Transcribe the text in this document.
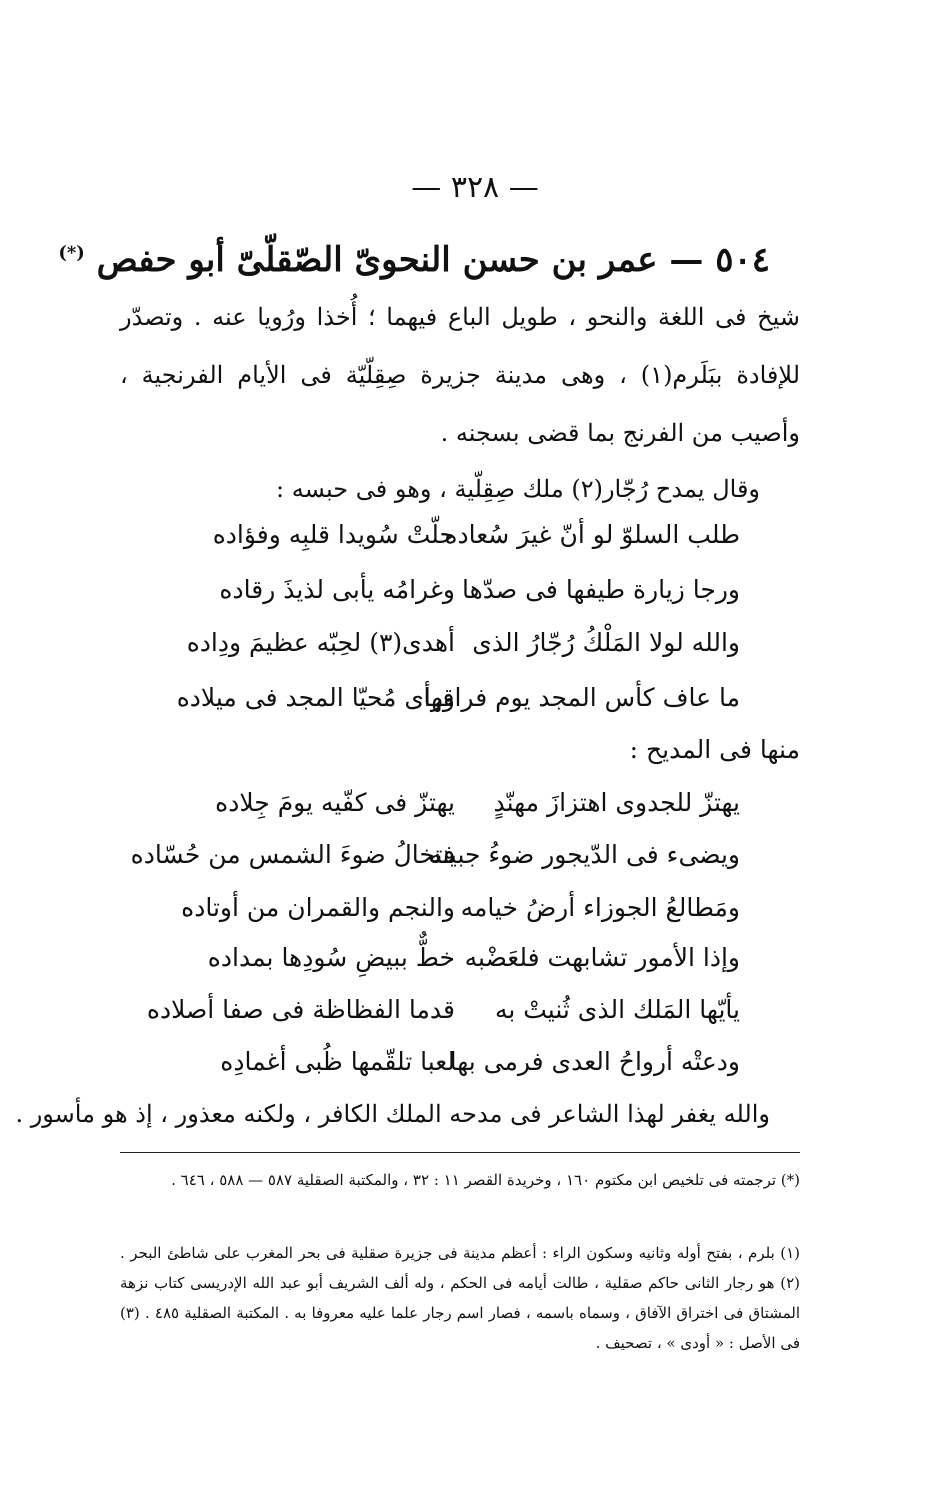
— ٣٢٨ —
٥٠٤ — عمر بن حسن النحوىّ الصّقلّىّ أبو حفص (*)
شيخ فى اللغة والنحو ، طويل الباع فيهما ؛ أُخذا ورُويا عنه . وتصدّر للإفادة ببَلَرم(١) ، وهى مدينة جزيرة صِقِلّيّة فى الأيام الفرنجية ، وأصيب من الفرنج بما قضى بسجنه .
وقال يمدح رُجّار(٢) ملك صِقِلّية ، وهو فى حبسه :
طلب السلوّ لو أنّ غيرَ سُعاده
حلّتْ سُويدا قلبِه وفؤاده
ورجا زيارة طيفها فى صدّها
وغرامُه يأبى لذيذَ رقاده
والله لولا المَلْكُ رُجّارُ الذى
أهدى(٣) لحِبّه عظيمَ ودِاده
ما عاف كأس المجد يوم فراقها
ورأى مُحيّا المجد فى ميلاده
منها فى المديح :
يهتزّ للجدوى اهتزازَ مهنّدٍ
يهتزّ فى كفّيه يومَ جِلاده
ويضىء فى الدّيجور ضوءُ جبينه
فتخالُ ضوءَ الشمس من حُسّاده
ومَطالعُ الجوزاء أرضُ خيامه
والنجم والقمران من أوتاده
وإذا الأمور تشابهت فلعَضْبه
خطٌّ ببيضِ سُودِها بمداده
يأيّها المَلك الذى ثُنيتْ به
قدما الفظاظة فى صفا أصلاده
ودعتْه أرواحُ العدى فرمى بها
لعبا تلقّمها ظُبى أغمادِه
والله يغفر لهذا الشاعر فى مدحه الملك الكافر ، ولكنه معذور ، إذ هو مأسور .
(*) ترجمته فى تلخيص ابن مكتوم ١٦٠ ، وخريدة القصر ١١ : ٣٢ ، والمكتبة الصقلية ٥٨٧ — ٥٨٨ ، ٦٤٦ .
(١) بلرم ، بفتح أوله وثانيه وسكون الراء : أعظم مدينة فى جزيرة صقلية فى بحر المغرب على شاطئ البحر . (٢) هو رجار الثانى حاكم صقلية ، طالت أيامه فى الحكم ، وله ألف الشريف أبو عبد الله الإدريسى كتاب نزهة المشتاق فى اختراق الآفاق ، وسماه باسمه ، فصار اسم رجار علما عليه معروفا به . المكتبة الصقلية ٤٨٥ . (٣) فى الأصل : « أودى » ، تصحيف .
